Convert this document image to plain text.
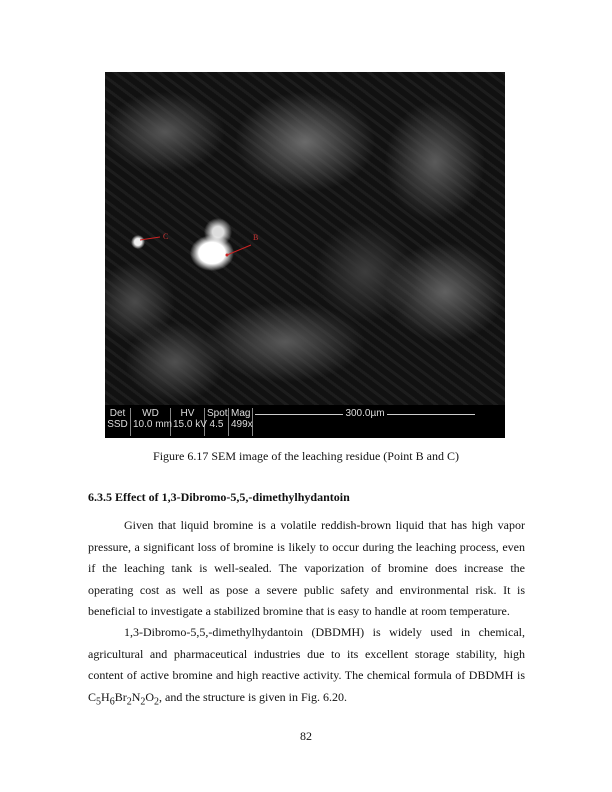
C	B
Det
SSD
WD
10.0 mm
HV
15.0 kV
Spot
4.5
Mag
499x
300.0µm
Figure 6.17 SEM image of the leaching residue (Point B and C)
6.3.5 Effect of 1,3-Dibromo-5,5,-dimethylhydantoin

Given that liquid bromine is a volatile reddish-brown liquid that has high vapor pressure, a significant loss of bromine is likely to occur during the leaching process, even if the leaching tank is well-sealed. The vaporization of bromine does increase the operating cost as well as pose a severe public safety and environmental risk. It is beneficial to investigate a stabilized bromine that is easy to handle at room temperature.

1,3-Dibromo-5,5,-dimethylhydantoin (DBDMH) is widely used in chemical, agricultural and pharmaceutical industries due to its excellent storage stability, high content of active bromine and high reactive activity. The chemical formula of DBDMH is $C_5H_6Br_2N_2O_2$, and the structure is given in Fig. 6.20.

82
